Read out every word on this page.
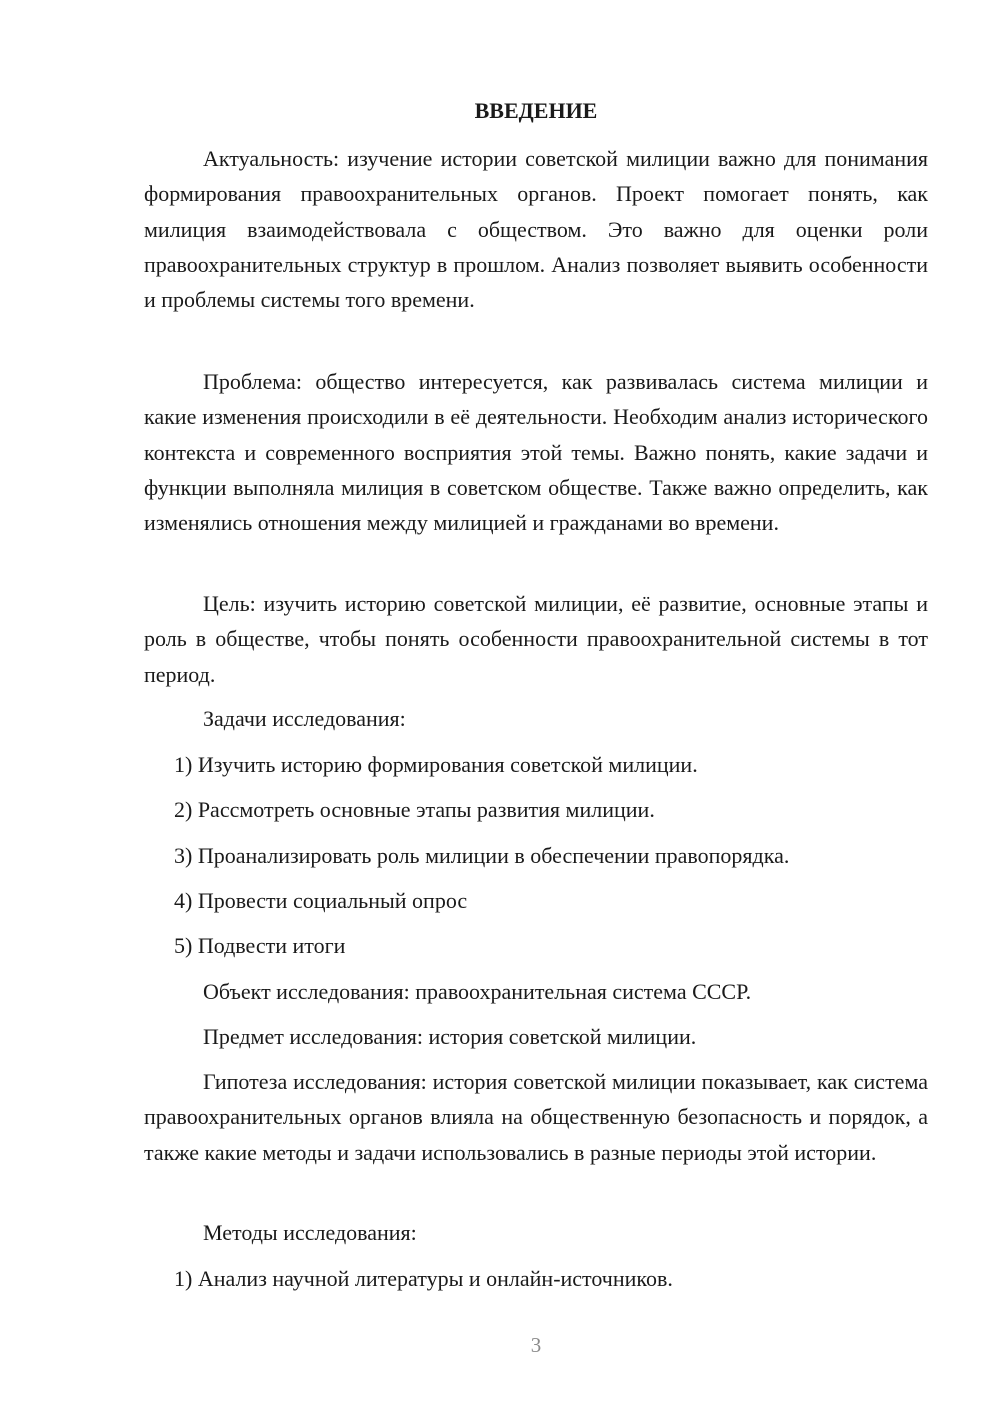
ВВЕДЕНИЕ

Актуальность: изучение истории советской милиции важно для понимания формирования правоохранительных органов. Проект помогает понять, как милиция взаимодействовала с обществом. Это важно для оценки роли правоохранительных структур в прошлом. Анализ позволяет выявить особенности и проблемы системы того времени.

Проблема: общество интересуется, как развивалась система милиции и какие изменения происходили в её деятельности. Необходим анализ исторического контекста и современного восприятия этой темы. Важно понять, какие задачи и функции выполняла милиция в советском обществе. Также важно определить, как изменялись отношения между милицией и гражданами во времени.

Цель: изучить историю советской милиции, её развитие, основные этапы и роль в обществе, чтобы понять особенности правоохранительной системы в тот период.

Задачи исследования:

1) Изучить историю формирования советской милиции.

2) Рассмотреть основные этапы развития милиции.

3) Проанализировать роль милиции в обеспечении правопорядка.

4) Провести социальный опрос

5) Подвести итоги

Объект исследования: правоохранительная система СССР.

Предмет исследования: история советской милиции.

Гипотеза исследования: история советской милиции показывает, как система правоохранительных органов влияла на общественную безопасность и порядок, а также какие методы и задачи использовались в разные периоды этой истории.

Методы исследования:

1) Анализ научной литературы и онлайн-источников.

3
